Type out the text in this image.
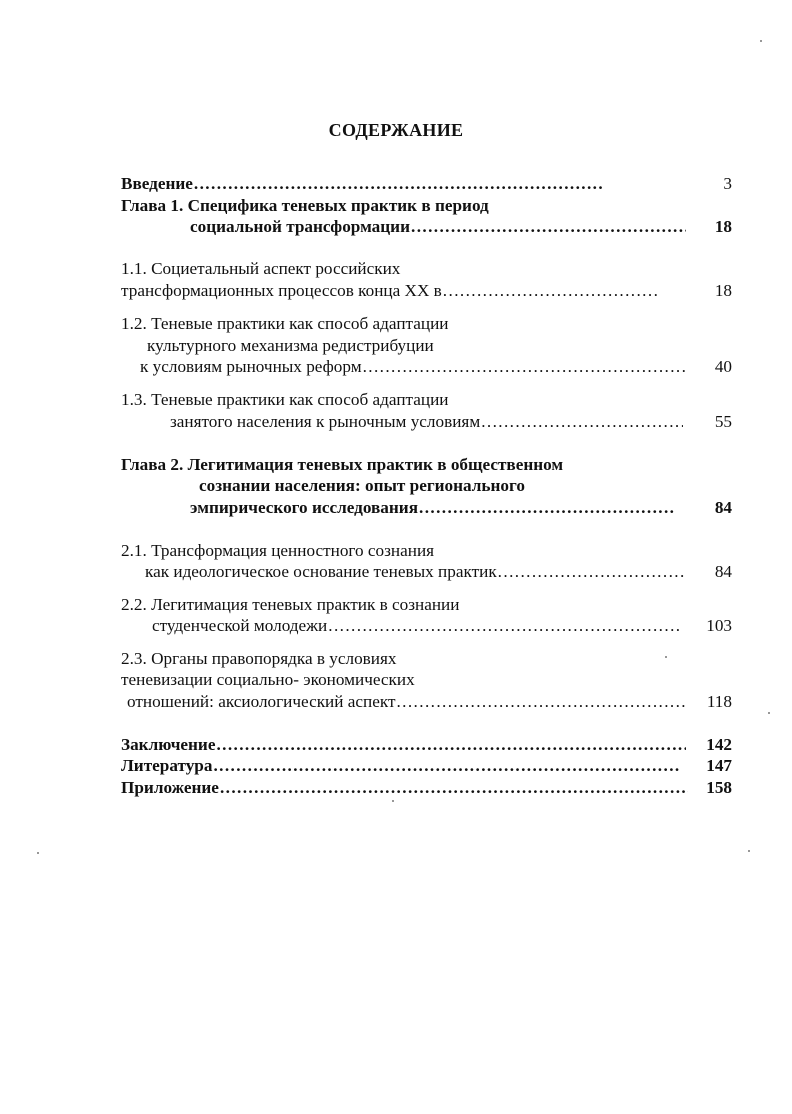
СОДЕРЖАНИЕ
Введение .....	3
Глава 1. Специфика теневых практик в период
социальной трансформации .....	18
1.1. Социетальный аспект российских
трансформационных процессов конца XX в .....	18
1.2. Теневые практики как способ адаптации
культурного механизма редистрибуции
к условиям рыночных реформ .....	40
1.3. Теневые практики как способ адаптации
занятого населения к рыночным условиям .....	55
Глава 2. Легитимация теневых практик в общественном
сознании населения: опыт регионального
эмпирического исследования .....	84
2.1. Трансформация ценностного сознания
как идеологическое основание теневых практик .....	84
2.2. Легитимация теневых практик в сознании
студенческой молодежи .....	103
2.3. Органы правопорядка в условиях
теневизации социально- экономических
отношений: аксиологический аспект .....	118
Заключение .....	142
Литература .....	147
Приложение .....	158
